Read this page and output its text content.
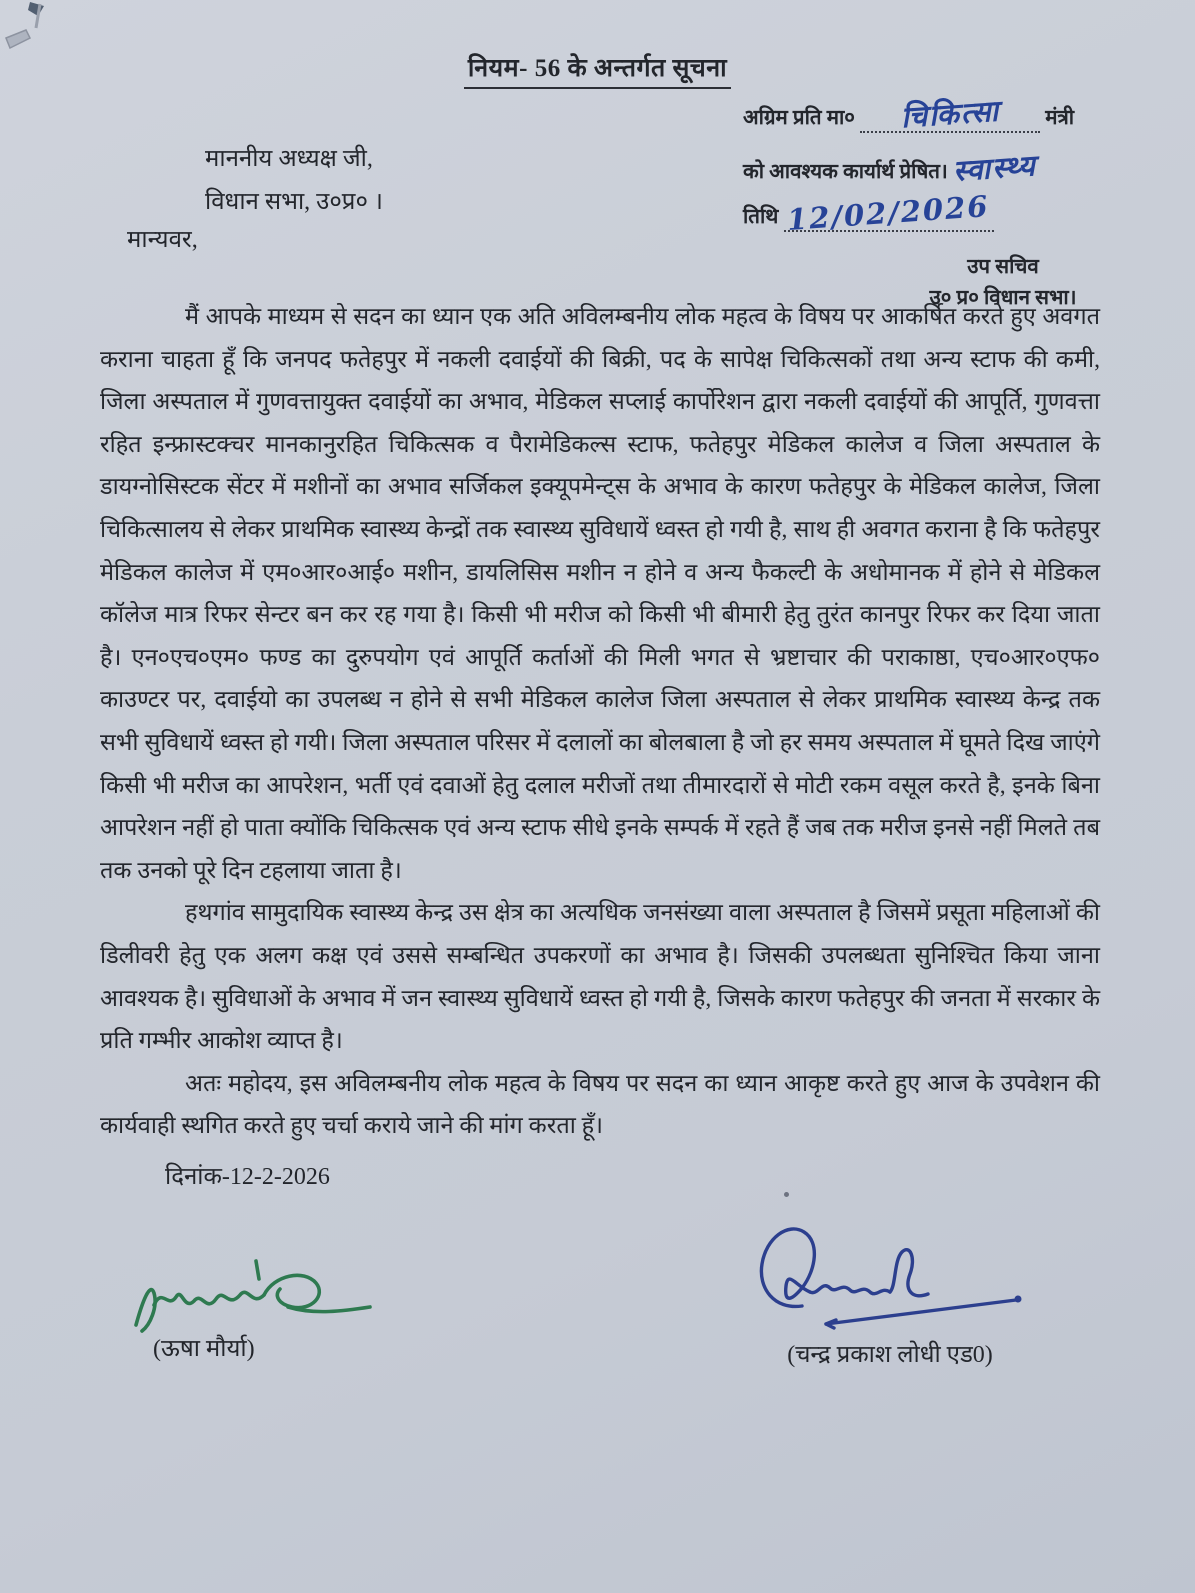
नियम- 56 के अन्तर्गत सूचना
अग्रिम प्रति मा० चिकित्सा मंत्री
को आवश्यक कार्यार्थ प्रेषित। स्वास्थ्य
तिथि 12/02/2026
उप सचिव
उ० प्र० विधान सभा।
माननीय अध्यक्ष जी,
विधान सभा, उ०प्र० ।
मान्यवर,

मैं आपके माध्यम से सदन का ध्यान एक अति अविलम्बनीय लोक महत्व के विषय पर आकर्षित करते हुए अवगत कराना चाहता हूँ कि जनपद फतेहपुर में नकली दवाईयों की बिक्री, पद के सापेक्ष चिकित्सकों तथा अन्य स्टाफ की कमी, जिला अस्पताल में गुणवत्तायुक्त दवाईयों का अभाव, मेडिकल सप्लाई कार्पोरेशन द्वारा नकली दवाईयों की आपूर्ति, गुणवत्ता रहित इन्फ्रास्टक्चर मानकानुरहित चिकित्सक व पैरामेडिकल्स स्टाफ, फतेहपुर मेडिकल कालेज व जिला अस्पताल के डायग्नोसिस्टक सेंटर में मशीनों का अभाव सर्जिकल इक्यूपमेन्ट्स के अभाव के कारण फतेहपुर के मेडिकल कालेज, जिला चिकित्सालय से लेकर प्राथमिक स्वास्थ्य केन्द्रों तक स्वास्थ्य सुविधायें ध्वस्त हो गयी है, साथ ही अवगत कराना है कि फतेहपुर मेडिकल कालेज में एम०आर०आई० मशीन, डायलिसिस मशीन न होने व अन्य फैकल्टी के अधोमानक में होने से मेडिकल कॉलेज मात्र रिफर सेन्टर बन कर रह गया है। किसी भी मरीज को किसी भी बीमारी हेतु तुरंत कानपुर रिफर कर दिया जाता है। एन०एच०एम० फण्ड का दुरुपयोग एवं आपूर्ति कर्ताओं की मिली भगत से भ्रष्टाचार की पराकाष्ठा, एच०आर०एफ० काउण्टर पर, दवाईयो का उपलब्ध न होने से सभी मेडिकल कालेज जिला अस्पताल से लेकर प्राथमिक स्वास्थ्य केन्द्र तक सभी सुविधायें ध्वस्त हो गयी। जिला अस्पताल परिसर में दलालों का बोलबाला है जो हर समय अस्पताल में घूमते दिख जाएंगे किसी भी मरीज का आपरेशन, भर्ती एवं दवाओं हेतु दलाल मरीजों तथा तीमारदारों से मोटी रकम वसूल करते है, इनके बिना आपरेशन नहीं हो पाता क्योंकि चिकित्सक एवं अन्य स्टाफ सीधे इनके सम्पर्क में रहते हैं जब तक मरीज इनसे नहीं मिलते तब तक उनको पूरे दिन टहलाया जाता है।

हथगांव सामुदायिक स्वास्थ्य केन्द्र उस क्षेत्र का अत्यधिक जनसंख्या वाला अस्पताल है जिसमें प्रसूता महिलाओं की डिलीवरी हेतु एक अलग कक्ष एवं उससे सम्बन्धित उपकरणों का अभाव है। जिसकी उपलब्धता सुनिश्चित किया जाना आवश्यक है। सुविधाओं के अभाव में जन स्वास्थ्य सुविधायें ध्वस्त हो गयी है, जिसके कारण फतेहपुर की जनता में सरकार के प्रति गम्भीर आकोश व्याप्त है।

अतः महोदय, इस अविलम्बनीय लोक महत्व के विषय पर सदन का ध्यान आकृष्ट करते हुए आज के उपवेशन की कार्यवाही स्थगित करते हुए चर्चा कराये जाने की मांग करता हूँ।

दिनांक-12-2-2026
(ऊषा मौर्या)	(चन्द्र प्रकाश लोधी एड0)
